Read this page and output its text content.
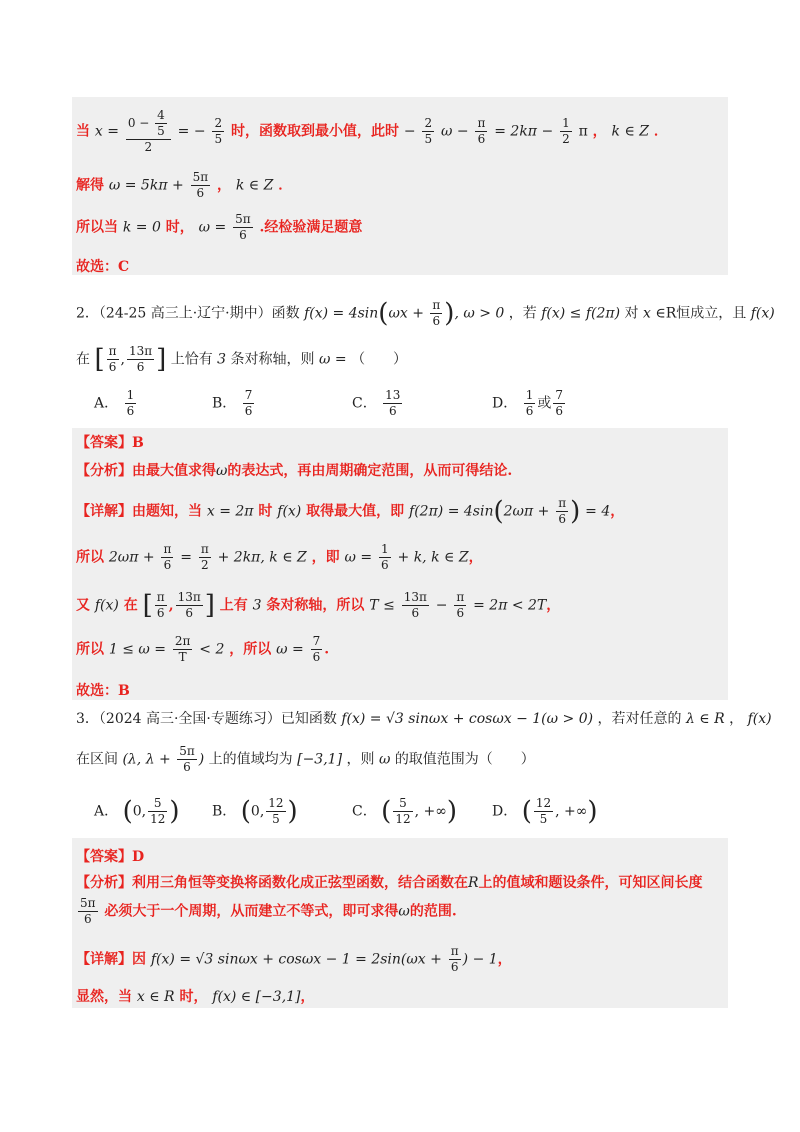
当 $x = \frac{0 - \frac{4}{5}}{2}$ = − $\frac{2}{5}$ 时，函数取到最小值，此时 − $\frac{2}{5}$ $\omega - \frac{\pi}{6} = 2k\pi - \frac{1}{2}$ π ， k ∈ Z ．
解得 $\omega = 5k\pi + \frac{5\pi}{6}$ ， k ∈ Z ．
所以当 k = 0 时， $\omega = \frac{5\pi}{6}$ .经检验满足题意
故选：C
2．（24-25 高三上·辽宁·期中）函数 $f(x) = 4\sin(\omega x + \frac{\pi}{6}$ ), ω > 0 ，若 f(x) ≤ f(2π) 对 x ∈R恒成立，且 f(x)
在 [ $\frac{\pi}{6}$ , $\frac{13\pi}{6}$ ] 上恰有 3 条对称轴，则 ω = （　　）
A． $\frac{1}{6}$	B． $\frac{7}{6}$	C． $\frac{13}{6}$	D． $\frac{1}{6}$ 或 $\frac{7}{6}$
【答案】B
【分析】由最大值求得ω的表达式，再由周期确定范围，从而可得结论.
【详解】由题知，当 x = 2π 时 f(x) 取得最大值，即 $f(2\pi) = 4\sin(2\omega\pi + \frac{\pi}{6}$ ) = 4，
所以 $2\omega\pi + \frac{\pi}{6} = \frac{\pi}{2} + 2k\pi$, k ∈ Z ，即 $\omega = \frac{1}{6} + k$, k ∈ Z，
又 f(x) 在 [ $\frac{\pi}{6}$ , $\frac{13\pi}{6}$ ] 上有 3 条对称轴，所以 $T \le \frac{13\pi}{6} - \frac{\pi}{6} = 2\pi < 2T$，
所以 $1 \le \omega = \frac{2\pi}{T} < 2$ ，所以 $\omega = \frac{7}{6}$ .
故选：B
3．（2024 高三·全国·专题练习）已知函数 f(x) = √3 sinωx + cosωx − 1(ω > 0) ，若对任意的 λ ∈ R ， f(x)
在区间 (λ, $\lambda + \frac{5\pi}{6}$ ) 上的值域均为 [−3,1] ，则 ω 的取值范围为（　　）
A． (0, $\frac{5}{12}$ ) B． (0, $\frac{12}{5}$ )	C． ( $\frac{5}{12}$ , +∞) D． ( $\frac{12}{5}$ , +∞)
【答案】D
【分析】利用三角恒等变换将函数化成正弦型函数，结合函数在R上的值域和题设条件，可知区间长度
$\frac{5\pi}{6}$ 必须大于一个周期，从而建立不等式，即可求得ω的范围.
【详解】因 f(x) = √3 $\sin\omega x + \cos\omega x - 1 = 2\sin(\omega x + \frac{\pi}{6}$ ) − 1，
显然，当 x ∈ R 时， f(x) ∈ [−3,1]，
